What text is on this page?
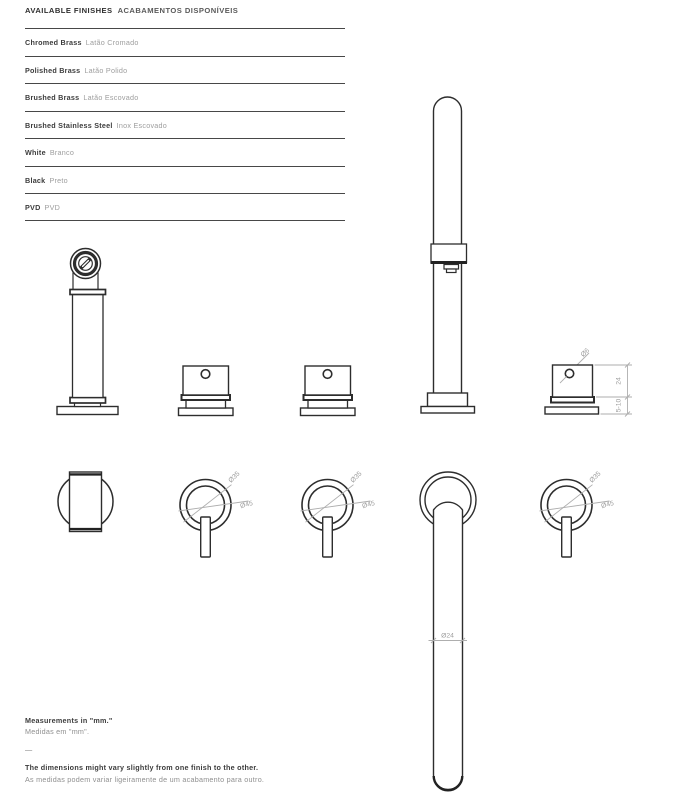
AVAILABLE FINISHES ACABAMENTOS DISPONÍVEIS
Chromed Brass Latão Cromado
Polished Brass Latão Polido
Brushed Brass Latão Escovado
Brushed Stainless Steel Inox Escovado
White Branco
Black Preto
PVD PVD
Ø6
24
5-10
Ø35
Ø45
Ø35
Ø45
Ø24
Ø35
Ø45
Measurements in "mm."
Medidas em "mm".
—
The dimensions might vary slightly from one finish to the other.
As medidas podem variar ligeiramente de um acabamento para outro.
